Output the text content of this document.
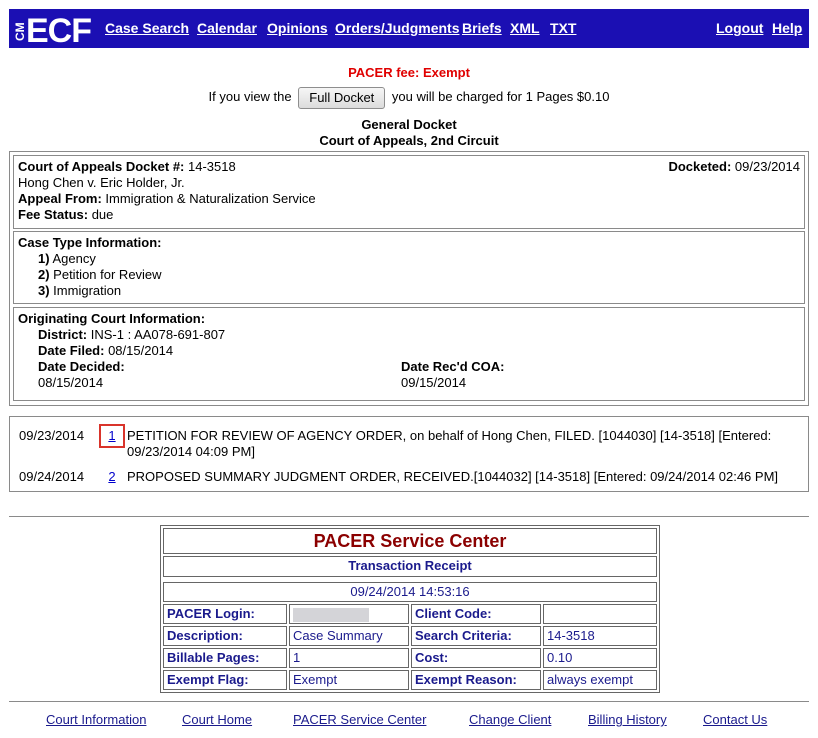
CM ECF Case Search Calendar Opinions Orders/Judgments Briefs XML TXT	Logout Help
PACER fee: Exempt
If you view the Full Docket you will be charged for 1 Pages $0.10
General Docket
Court of Appeals, 2nd Circuit
Court of Appeals Docket #: 14-3518	Docketed: 09/23/2014
Hong Chen v. Eric Holder, Jr.
Appeal From: Immigration & Naturalization Service
Fee Status: due
Case Type Information:
1) Agency
2) Petition for Review
3) Immigration
Originating Court Information:
District: INS-1 : AA078-691-807
Date Filed: 08/15/2014
Date Decided:
08/15/2014
Date Rec'd COA:
09/15/2014
09/23/2014	1 PETITION FOR REVIEW OF AGENCY ORDER, on behalf of Hong Chen, FILED. [1044030] [14-3518] [Entered:
09/23/2014 04:09 PM]
09/24/2014	2 PROPOSED SUMMARY JUDGMENT ORDER, RECEIVED.[1044032] [14-3518] [Entered: 09/24/2014 02:46 PM]
PACER Service Center
Transaction Receipt
09/24/2014 14:53:16
PACER Login:	Client Code:
Description:	Case Summary	Search Criteria:	14-3518
Billable Pages:	1	Cost:	0.10
Exempt Flag:	Exempt	Exempt Reason:	always exempt
Court Information	Court Home	PACER Service Center	Change Client	Billing History	Contact Us
